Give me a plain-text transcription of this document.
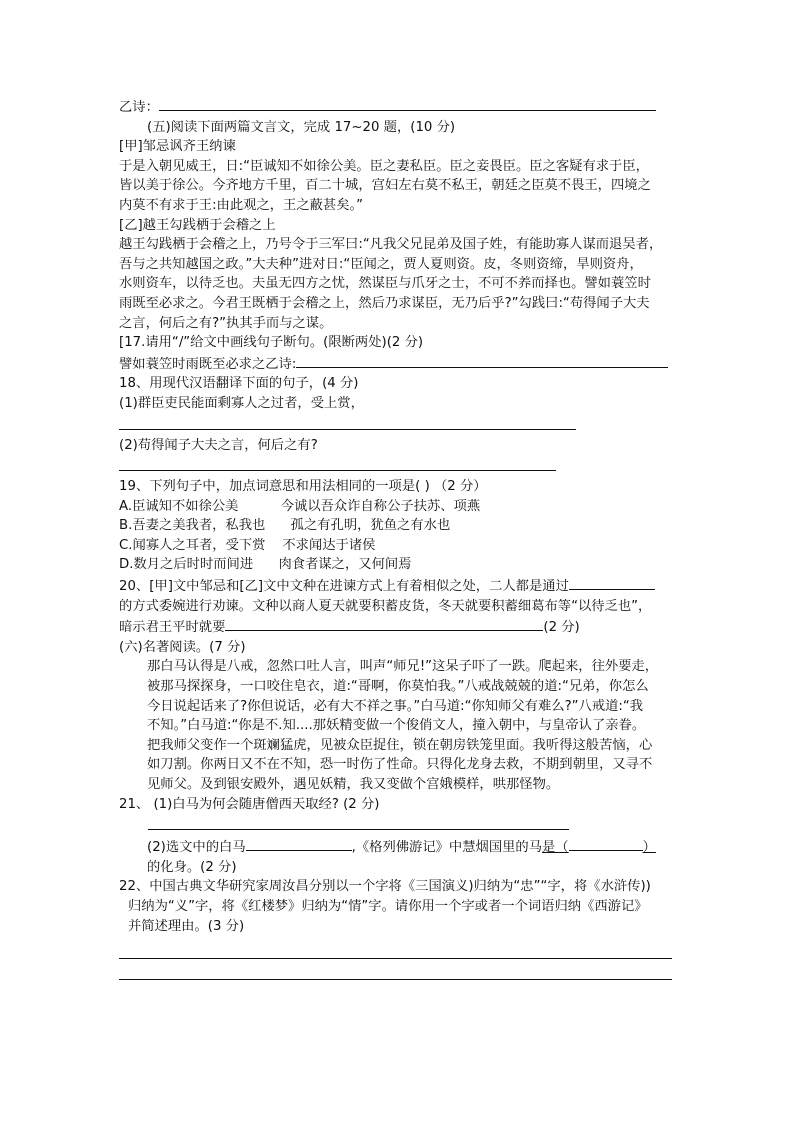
乙诗：

(五)阅读下面两篇文言文，完成 17~20 题，(10 分)

[甲]邹忌讽齐王纳谏

于是入朝见威王，日:“臣诚知不如徐公美。臣之妻私臣。臣之妾畏臣。臣之客疑有求于臣，

皆以美于徐公。今齐地方千里，百二十城，宫妇左右莫不私王，朝廷之臣莫不畏王，四境之

内莫不有求于王:由此观之，王之蔽甚矣。”

[乙]越王勾践栖于会稽之上

越王勾践栖于会稽之上，乃号令于三军曰:“凡我父兄昆弟及国子姓，有能助寡人谋而退吴者，

吾与之共知越国之政。”大夫种”进对日:“臣闻之，贾人夏则资。皮，冬则资缔，旱则资舟，

水则资车，以待乏也。夫虽无四方之忧，然谋臣与爪牙之士，不可不养而择也。譬如蓑笠时

雨既至必求之。今君王既栖于会稽之上，然后乃求谋臣，无乃后乎?”勾践曰:“苟得闻子大夫

之言，何后之有?”执其手而与之谋。

[17.请用“/”给文中画线句子断句。(限断两处)(2 分)

譬如蓑笠时雨既至必求之乙诗:

18、用现代汉语翻译下面的句子，(4 分)

(1)群臣吏民能面剩寡人之过者，受上赏，

(2)苟得闻子大夫之言，何后之有?

19、下列句子中，加点词意思和用法相同的一项是( ) （2 分）

A.臣诚知不如徐公美          今诚以吾众诈自称公子扶苏、项燕

B.吾妻之美我者，私我也      孤之有孔明，犹鱼之有水也

C.闻寡人之耳者，受下赏    不求闻达于诸侯

D.数月之后时时而间进      肉食者谋之，又何间焉

20、[甲]文中邹忌和[乙]文中文种在进谏方式上有着相似之处，二人都是通过

的方式委婉进行劝谏。文种以商人夏天就要积蓄皮货，冬天就要积蓄细葛布等“以待乏也”，

暗示君王平时就要	(2 分)

(六)名著阅读。(7 分)

那白马认得是八戒，忽然口吐人言，叫声“师兄!”这呆子吓了一跌。爬起来，往外要走，

被那马探探身，一口咬住皂衣，道:“哥啊，你莫怕我。”八戒战兢兢的道:“兄弟，你怎么

今日说起话来了?你但说话，必有大不祥之事。”白马道:“你知师父有难么?”八戒道:“我

不知。”白马道:“你是不.知....那妖精变做一个俊俏文人，撞入朝中，与皇帝认了亲眷。

把我师父变作一个斑斓猛虎，见被众臣捉住，锁在朝房铁笼里面。我听得这般苦恼，心

如刀割。你两日又不在不知，恐一时伤了性命。只得化龙身去救，不期到朝里，又寻不

见师父。及到银安殿外，遇见妖精，我又变做个宫娥模样，哄那怪物。

21、 (1)白马为何会随唐僧西天取经? (2 分)

(2)选文中的白马	,《格列佛游记》中慧烟国里的马是（	）

的化身。(2 分)

22、中国古典文华研究家周汝昌分别以一个字将《三国演义)归纳为“忠”“字，将《水浒传))

归纳为“义”字，将《红楼梦》归纳为“情”字。请你用一个字或者一个词语归纳《西游记》

并简述理由。(3 分)
